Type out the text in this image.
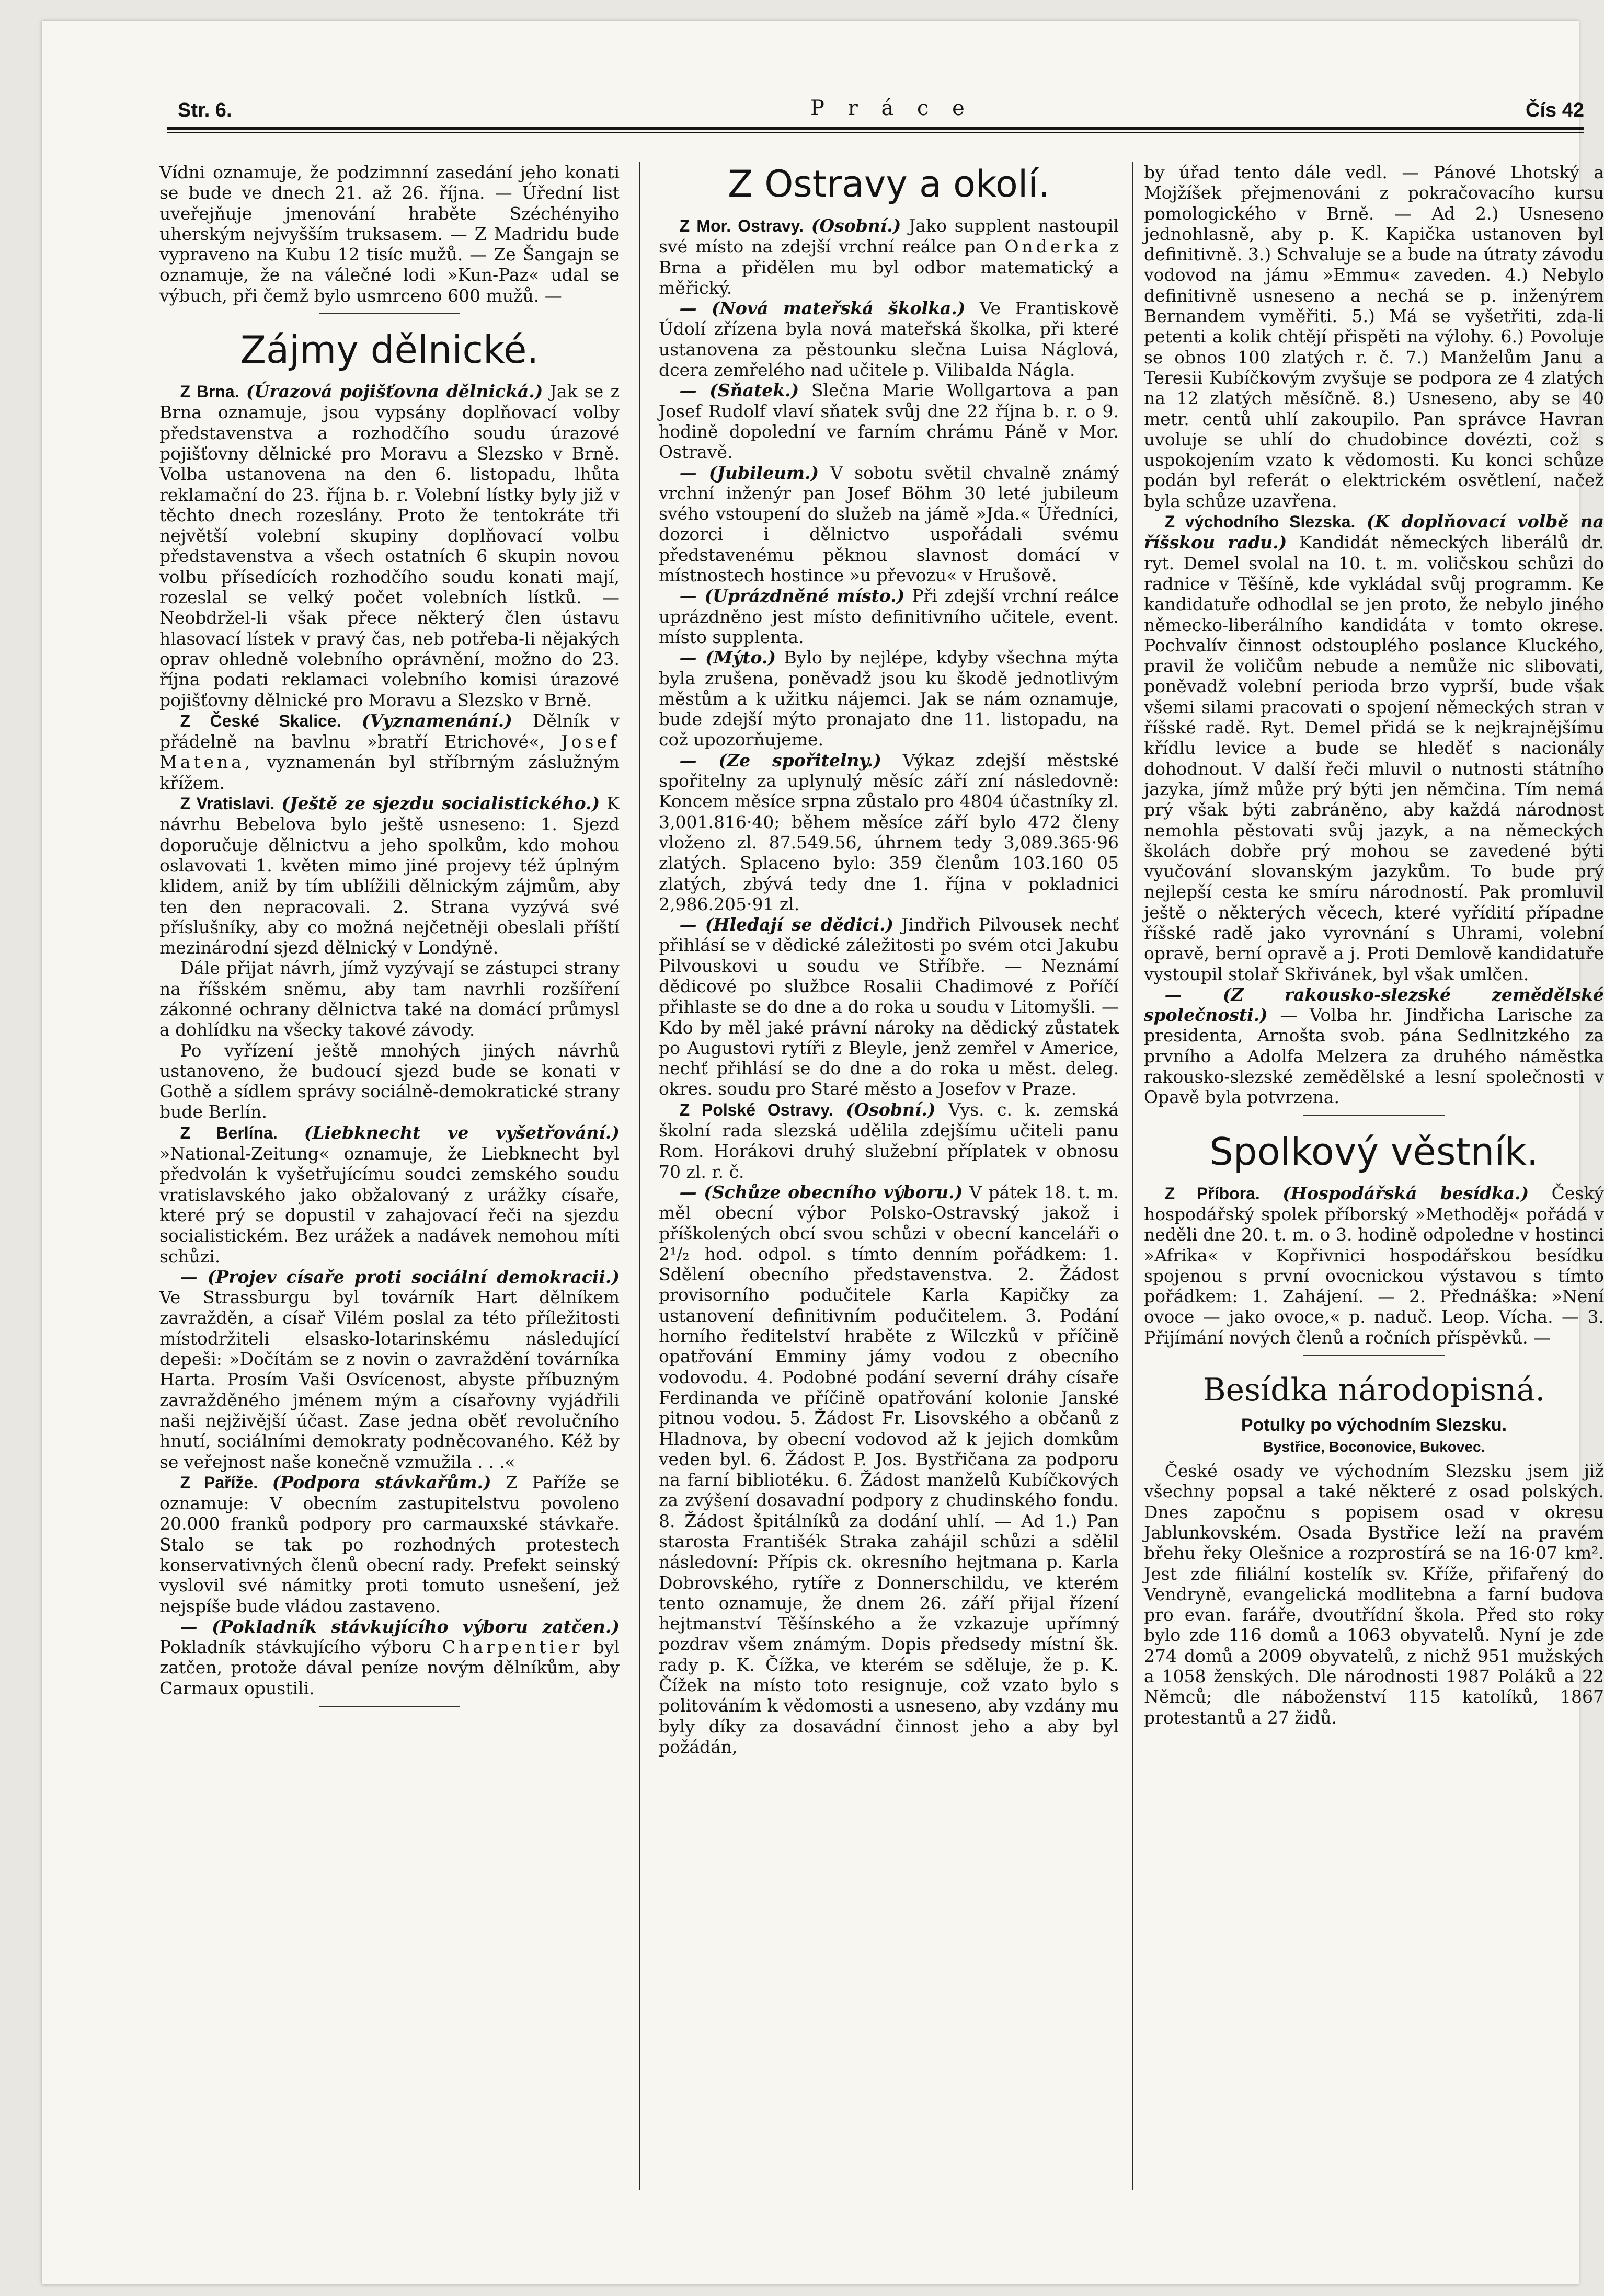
Str. 6.	P r á c e	Čís 42

Vídni oznamuje, že podzimnní zasedání jeho konati se bude ve dnech 21. až 26. října. — Úřední list uveřejňuje jmenování hraběte Széchényiho uherským nejvyšším truksasem. — Z Madridu bude vypraveno na Kubu 12 tisíc mužů. — Ze Šangajn se oznamuje, že na válečné lodi »Kun-Paz« udal se výbuch, při čemž bylo usmrceno 600 mužů. —

Zájmy dělnické.

Z Brna. (Úrazová pojišťovna dělnická.) Jak se z Brna oznamuje, jsou vypsány doplňovací volby představenstva a rozhodčího soudu úrazové pojišťovny dělnické pro Moravu a Slezsko v Brně. Volba ustanovena na den 6. listopadu, lhůta reklamační do 23. října b. r. Volební lístky byly již v těchto dnech rozeslány. Proto že tentokráte tři největší volební skupiny doplňovací volbu představenstva a všech ostatních 6 skupin novou volbu přísedících rozhodčího soudu konati mají, rozeslal se velký počet volebních lístků. — Neobdržel-li však přece některý člen ústavu hlasovací lístek v pravý čas, neb potřeba-li nějakých oprav ohledně volebního oprávnění, možno do 23. října podati reklamaci volebního komisi úrazové pojišťovny dělnické pro Moravu a Slezsko v Brně.

Z České Skalice. (Vyznamenání.) Dělník v přádelně na bavlnu »bratří Etrichové«, Josef Matena, vyznamenán byl stříbrným záslužným křížem.

Z Vratislavi. (Ještě ze sjezdu socialistického.) K návrhu Bebelova bylo ještě usneseno: 1. Sjezd doporučuje dělnictvu a jeho spolkům, kdo mohou oslavovati 1. květen mimo jiné projevy též úplným klidem, aniž by tím ublížili dělnickým zájmům, aby ten den nepracovali. 2. Strana vyzývá své příslušníky, aby co možná nejčetněji obeslali příští mezinárodní sjezd dělnický v Londýně.

Dále přijat návrh, jímž vyzývají se zástupci strany na říšském sněmu, aby tam navrhli rozšíření zákonné ochrany dělnictva také na domácí průmysl a dohlídku na všecky takové závody.

Po vyřízení ještě mnohých jiných návrhů ustanoveno, že budoucí sjezd bude se konati v Gothě a sídlem správy sociálně-demokratické strany bude Berlín.

Z Berlína. (Liebknecht ve vyšetřování.) »National-Zeitung« oznamuje, že Liebknecht byl předvolán k vyšetřujícímu soudci zemského soudu vratislavského jako obžalovaný z urážky císaře, které prý se dopustil v zahajovací řeči na sjezdu socialistickém. Bez urážek a nadávek nemohou míti schůzi.

— (Projev císaře proti sociální demokracii.) Ve Strassburgu byl továrník Hart dělníkem zavražděn, a císař Vilém poslal za této příležitosti místodržiteli elsasko-lotarinskému následující depeši: »Dočítám se z novin o zavraždění továrníka Harta. Prosím Vaši Osvícenost, abyste příbuzným zavražděného jménem mým a císařovny vyjádřili naši nejživější účast. Zase jedna oběť revolučního hnutí, sociálními demokraty podněcovaného. Kéž by se veřejnost naše konečně vzmužila . . .«

Z Paříže. (Podpora stávkařům.) Z Paříže se oznamuje: V obecním zastupitelstvu povoleno 20.000 franků podpory pro carmauxské stávkaře. Stalo se tak po rozhodných protestech konservativných členů obecní rady. Prefekt seinský vyslovil své námitky proti tomuto usnešení, jež nejspíše bude vládou zastaveno.

— (Pokladník stávkujícího výboru zatčen.) Pokladník stávkujícího výboru Charpentier byl zatčen, protože dával peníze novým dělníkům, aby Carmaux opustili.

Z Ostravy a okolí.

Z Mor. Ostravy. (Osobní.) Jako supplent nastoupil své místo na zdejší vrchní reálce pan Onderka z Brna a přidělen mu byl odbor matematický a měřický.

— (Nová mateřská školka.) Ve Frantiskově Údolí zřízena byla nová mateřská školka, při které ustanovena za pěstounku slečna Luisa Náglová, dcera zemřelého nad učitele p. Vilibalda Nágla.

— (Sňatek.) Slečna Marie Wollgartova a pan Josef Rudolf vlaví sňatek svůj dne 22 října b. r. o 9. hodině dopolední ve farním chrámu Páně v Mor. Ostravě.

— (Jubileum.) V sobotu světil chvalně známý vrchní inženýr pan Josef Böhm 30 leté jubileum svého vstoupení do služeb na jámě »Jda.« Úředníci, dozorci i dělnictvo uspořádali svému představenému pěknou slavnost domácí v místnostech hostince »u převozu« v Hrušově.

— (Uprázdněné místo.) Při zdejší vrchní reálce uprázdněno jest místo definitivního učitele, event. místo supplenta.

— (Mýto.) Bylo by nejlépe, kdyby všechna mýta byla zrušena, poněvadž jsou ku škodě jednotlivým městům a k užitku nájemci. Jak se nám oznamuje, bude zdejší mýto pronajato dne 11. listopadu, na což upozorňujeme.

— (Ze spořitelny.) Výkaz zdejší městské spořitelny za uplynulý měsíc září zní následovně: Koncem měsíce srpna zůstalo pro 4804 účastníky zl. 3,001.816·40; během měsíce září bylo 472 členy vloženo zl. 87.549.56, úhrnem tedy 3,089.365·96 zlatých. Splaceno bylo: 359 členům 103.160 05 zlatých, zbývá tedy dne 1. října v pokladnici 2,986.205·91 zl.

— (Hledají se dědici.) Jindřich Pilvousek nechť přihlásí se v dědické záležitosti po svém otci Jakubu Pilvouskovi u soudu ve Stříbře. — Neznámí dědicové po službce Rosalii Chadimové z Poříčí přihlaste se do dne a do roka u soudu v Litomyšli. — Kdo by měl jaké právní nároky na dědický zůstatek po Augustovi rytíři z Bleyle, jenž zemřel v Americe, nechť přihlásí se do dne a do roka u měst. deleg. okres. soudu pro Staré město a Josefov v Praze.

Z Polské Ostravy. (Osobní.) Vys. c. k. zemská školní rada slezská udělila zdejšímu učiteli panu Rom. Horákovi druhý služební příplatek v obnosu 70 zl. r. č.

— (Schůze obecního výboru.) V pátek 18. t. m. měl obecní výbor Polsko-Ostravský jakož i příškolených obcí svou schůzi v obecní kanceláři o 2¹/₂ hod. odpol. s tímto denním pořádkem: 1. Sdělení obecního představenstva. 2. Žádost provisorního podučitele Karla Kapičky za ustanovení definitivním podučitelem. 3. Podání horního ředitelství hraběte z Wilczků v příčině opatřování Emminy jámy vodou z obecního vodovodu. 4. Podobné podání severní dráhy císaře Ferdinanda ve příčině opatřování kolonie Janské pitnou vodou. 5. Žádost Fr. Lisovského a občanů z Hladnova, by obecní vodovod až k jejich domkům veden byl. 6. Žádost P. Jos. Bystřičana za podporu na farní bibliotéku. 6. Žádost manželů Kubíčkových za zvýšení dosavadní podpory z chudinského fondu. 8. Žádost špitálníků za dodání uhlí. — Ad 1.) Pan starosta Františék Straka zahájil schůzi a sdělil následovní: Přípis ck. okresního hejtmana p. Karla Dobrovského, rytíře z Donnerschildu, ve kterém tento oznamuje, že dnem 26. září přijal řízení hejtmanství Těšínského a že vzkazuje upřímný pozdrav všem známým. Dopis předsedy místní šk. rady p. K. Čížka, ve kterém se sděluje, že p. K. Čížek na místo toto resignuje, což vzato bylo s politováním k vědomosti a usneseno, aby vzdány mu byly díky za dosavádní činnost jeho a aby byl požádán,

by úřad tento dále vedl. — Pánové Lhotský a Mojžíšek přejmenováni z pokračovacího kursu pomologického v Brně. — Ad 2.) Usneseno jednohlasně, aby p. K. Kapička ustanoven byl definitivně. 3.) Schvaluje se a bude na útraty závodu vodovod na jámu »Emmu« zaveden. 4.) Nebylo definitivně usneseno a nechá se p. inženýrem Bernandem vyměřiti. 5.) Má se vyšetřiti, zda-li petenti a kolik chtějí přispěti na výlohy. 6.) Povoluje se obnos 100 zlatých r. č. 7.) Manželům Janu a Teresii Kubíčkovým zvyšuje se podpora ze 4 zlatých na 12 zlatých měsíčně. 8.) Usneseno, aby se 40 metr. centů uhlí zakoupilo. Pan správce Havran uvoluje se uhlí do chudobince dovézti, což s uspokojením vzato k vědomosti. Ku konci schůze podán byl referát o elektrickém osvětlení, načež byla schůze uzavřena.

Z východního Slezska. (K doplňovací volbě na říšskou radu.) Kandidát německých liberálů dr. ryt. Demel svolal na 10. t. m. voličskou schůzi do radnice v Těšíně, kde vykládal svůj programm. Ke kandidatuře odhodlal se jen proto, že nebylo jiného německo-liberálního kandidáta v tomto okrese. Pochvalív činnost odstouplého poslance Kluckého, pravil že voličům nebude a nemůže nic slibovati, poněvadž volební perioda brzo vyprší, bude však všemi silami pracovati o spojení německých stran v říšské radě. Ryt. Demel přidá se k nejkrajnějšímu křídlu levice a bude se hleděť s nacionály dohodnout. V další řeči mluvil o nutnosti státního jazyka, jímž může prý býti jen němčina. Tím nemá prý však býti zabráněno, aby každá národnost nemohla pěstovati svůj jazyk, a na německých školách dobře prý mohou se zavedené býti vyučování slovanským jazykům. To bude prý nejlepší cesta ke smíru národností. Pak promluvil ještě o některých věcech, které vyřídití případne říšské radě jako vyrovnání s Uhrami, volební opravě, berní opravě a j. Proti Demlově kandidatuře vystoupil stolař Skřivánek, byl však umlčen.

— (Z rakousko-slezské zemědělské společnosti.) — Volba hr. Jindřicha Larische za presidenta, Arnošta svob. pána Sedlnitzkého za prvního a Adolfa Melzera za druhého náměstka rakousko-slezské zemědělské a lesní společnosti v Opavě byla potvrzena.

Spolkový věstník.

Z Příbora. (Hospodářská besídka.) Český hospodářský spolek příborský »Methoděj« pořádá v neděli dne 20. t. m. o 3. hodině odpoledne v hostinci »Afrika« v Kopřivnici hospodářskou besídku spojenou s první ovocnickou výstavou s tímto pořádkem: 1. Zahájení. — 2. Přednáška: »Není ovoce — jako ovoce,« p. naduč. Leop. Vícha. — 3. Přijímání nových členů a ročních příspěvků. —

Besídka národopisná.
Potulky po východním Slezsku.
Bystřice, Boconovice, Bukovec.

České osady ve východním Slezsku jsem již všechny popsal a také některé z osad polských. Dnes započnu s popisem osad v okresu Jablunkovském. Osada Bystřice leží na pravém břehu řeky Olešnice a rozprostírá se na 16·07 km². Jest zde filiální kostelík sv. Kříže, přifařený do Vendryně, evangelická modlitebna a farní budova pro evan. faráře, dvoutřídní škola. Před sto roky bylo zde 116 domů a 1063 obyvatelů. Nyní je zde 274 domů a 2009 obyvatelů, z nichž 951 mužských a 1058 ženských. Dle národnosti 1987 Poláků a 22 Němců; dle náboženství 115 katolíků, 1867 protestantů a 27 židů.
